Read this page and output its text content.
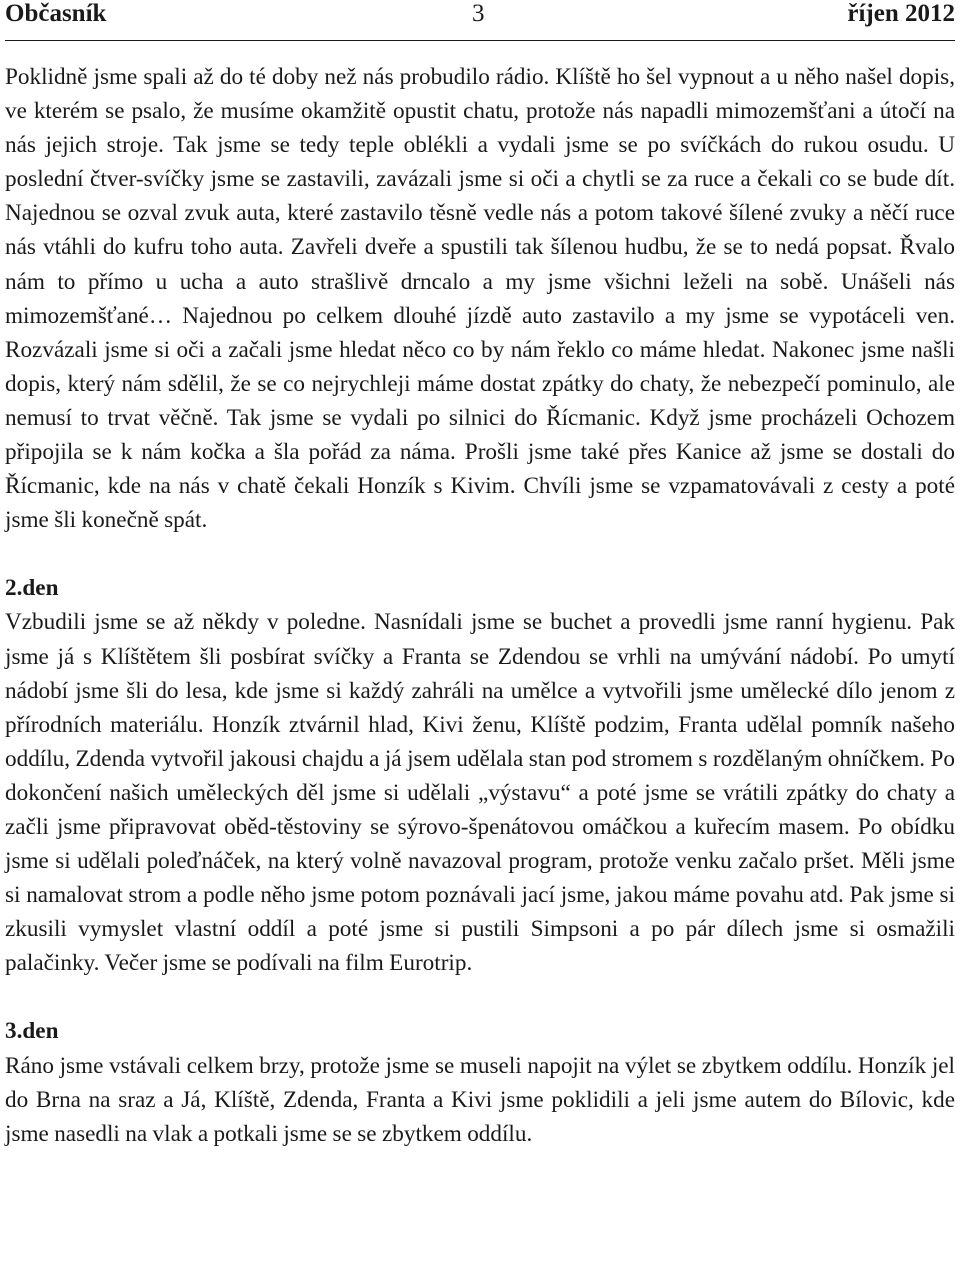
Občasník	3	říjen 2012

Poklidně jsme spali až do té doby než nás probudilo rádio. Klíště ho šel vypnout a u něho našel dopis, ve kterém se psalo, že musíme okamžitě opustit chatu, protože nás napadli mimozemšťani a útočí na nás jejich stroje. Tak jsme se tedy teple oblékli a vydali jsme se po svíčkách do rukou osudu. U poslední čtver-svíčky jsme se zastavili, zavázali jsme si oči a chytli se za ruce a čekali co se bude dít. Najednou se ozval zvuk auta, které zastavilo těsně vedle nás a potom takové šílené zvuky a něčí ruce nás vtáhli do kufru toho auta. Zavřeli dveře a spustili tak šílenou hudbu, že se to nedá popsat. Řvalo nám to přímo u ucha a auto strašlivě drncalo a my jsme všichni leželi na sobě. Unášeli nás mimozemšťané… Najednou po celkem dlouhé jízdě auto zastavilo a my jsme se vypotáceli ven. Rozvázali jsme si oči a začali jsme hledat něco co by nám řeklo co máme hledat. Nakonec jsme našli dopis, který nám sdělil, že se co nejrychleji máme dostat zpátky do chaty, že nebezpečí pominulo, ale nemusí to trvat věčně. Tak jsme se vydali po silnici do Řícmanic. Když jsme procházeli Ochozem připojila se k nám kočka a šla pořád za náma. Prošli jsme také přes Kanice až jsme se dostali do Řícmanic, kde na nás v chatě čekali Honzík s Kivim. Chvíli jsme se vzpamatovávali z cesty a poté jsme šli konečně spát.

2.den

Vzbudili jsme se až někdy v poledne. Nasnídali jsme se buchet a provedli jsme ranní hygienu. Pak jsme já s Klíštětem šli posbírat svíčky a Franta se Zdendou se vrhli na umývání nádobí. Po umytí nádobí jsme šli do lesa, kde jsme si každý zahráli na umělce a vytvořili jsme umělecké dílo jenom z přírodních materiálu. Honzík ztvárnil hlad, Kivi ženu, Klíště podzim, Franta udělal pomník našeho oddílu, Zdenda vytvořil jakousi chajdu a já jsem udělala stan pod stromem s rozdělaným ohníčkem. Po dokončení našich uměleckých děl jsme si udělali „výstavu“ a poté jsme se vrátili zpátky do chaty a začli jsme připravovat oběd-těstoviny se sýrovo-špenátovou omáčkou a kuřecím masem. Po obídku jsme si udělali poleďnáček, na který volně navazoval program, protože venku začalo pršet. Měli jsme si namalovat strom a podle něho jsme potom poznávali jací jsme, jakou máme povahu atd. Pak jsme si zkusili vymyslet vlastní oddíl a poté jsme si pustili Simpsoni a po pár dílech jsme si osmažili palačinky. Večer jsme se podívali na film Eurotrip.

3.den

Ráno jsme vstávali celkem brzy, protože jsme se museli napojit na výlet se zbytkem oddílu. Honzík jel do Brna na sraz a Já, Klíště, Zdenda, Franta a Kivi jsme poklidili a jeli jsme autem do Bílovic, kde jsme nasedli na vlak a potkali jsme se se zbytkem oddílu.
